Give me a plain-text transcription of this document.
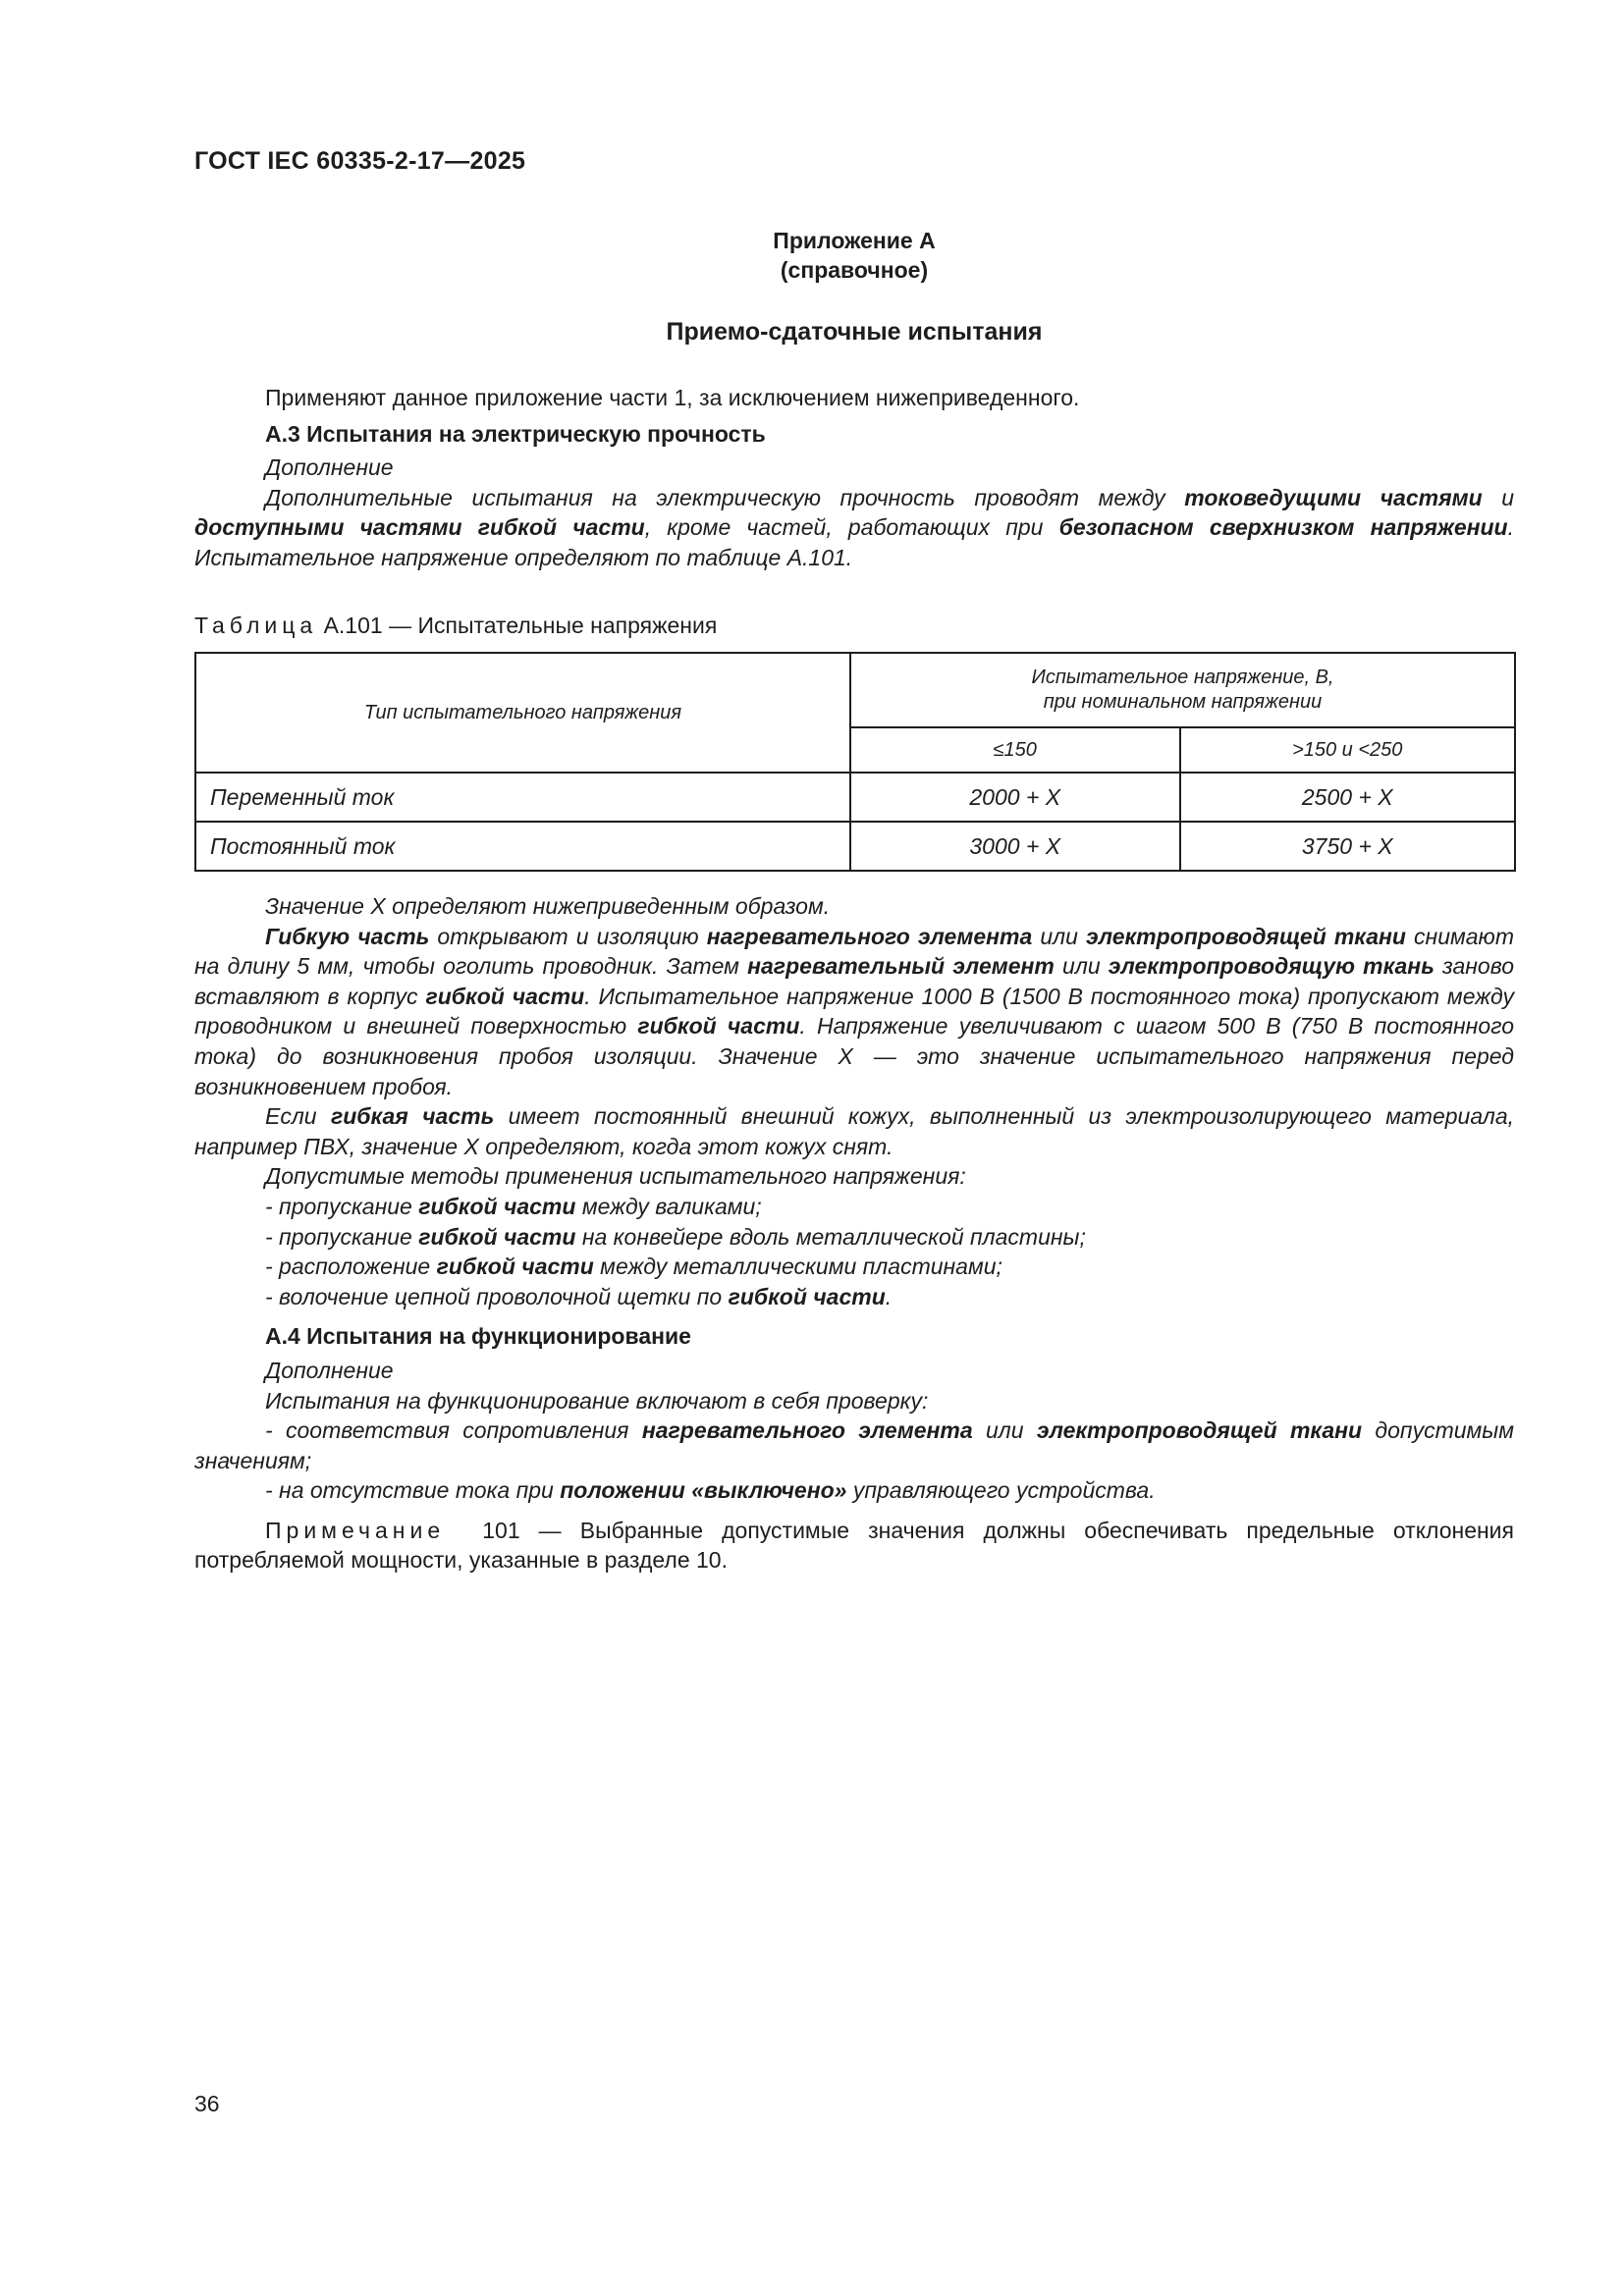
ГОСТ IEC 60335-2-17—2025
Приложение А
(справочное)
Приемо-сдаточные испытания

Применяют данное приложение части 1, за исключением нижеприведенного.

А.3 Испытания на электрическую прочность

Дополнение

Дополнительные испытания на электрическую прочность проводят между токоведущими частями и доступными частями гибкой части, кроме частей, работающих при безопасном сверхнизком напряжении. Испытательное напряжение определяют по таблице А.101.

Таблица А.101 — Испытательные напряжения
Тип испытательного напряжения	Испытательное напряжение, В,
при номинальном напряжении	

	≤150	>150 и <250
Переменный ток	2000 + X	2500 + X
Постоянный ток	3000 + X	3750 + X

Значение X определяют нижеприведенным образом.

Гибкую часть открывают и изоляцию нагревательного элемента или электропроводящей ткани снимают на длину 5 мм, чтобы оголить проводник. Затем нагревательный элемент или электропроводящую ткань заново вставляют в корпус гибкой части. Испытательное напряжение 1000 В (1500 В постоянного тока) пропускают между проводником и внешней поверхностью гибкой части. Напряжение увеличивают с шагом 500 В (750 В постоянного тока) до возникновения пробоя изоляции. Значение X — это значение испытательного напряжения перед возникновением пробоя.

Если гибкая часть имеет постоянный внешний кожух, выполненный из электроизолирующего материала, например ПВХ, значение X определяют, когда этот кожух снят.

Допустимые методы применения испытательного напряжения:

- пропускание гибкой части между валиками;

- пропускание гибкой части на конвейере вдоль металлической пластины;

- расположение гибкой части между металлическими пластинами;

- волочение цепной проволочной щетки по гибкой части.

А.4 Испытания на функционирование

Дополнение

Испытания на функционирование включают в себя проверку:

- соответствия сопротивления нагревательного элемента или электропроводящей ткани допустимым значениям;

- на отсутствие тока при положении «выключено» управляющего устройства.

Примечание 101 — Выбранные допустимые значения должны обеспечивать предельные отклонения потребляемой мощности, указанные в разделе 10.

36
